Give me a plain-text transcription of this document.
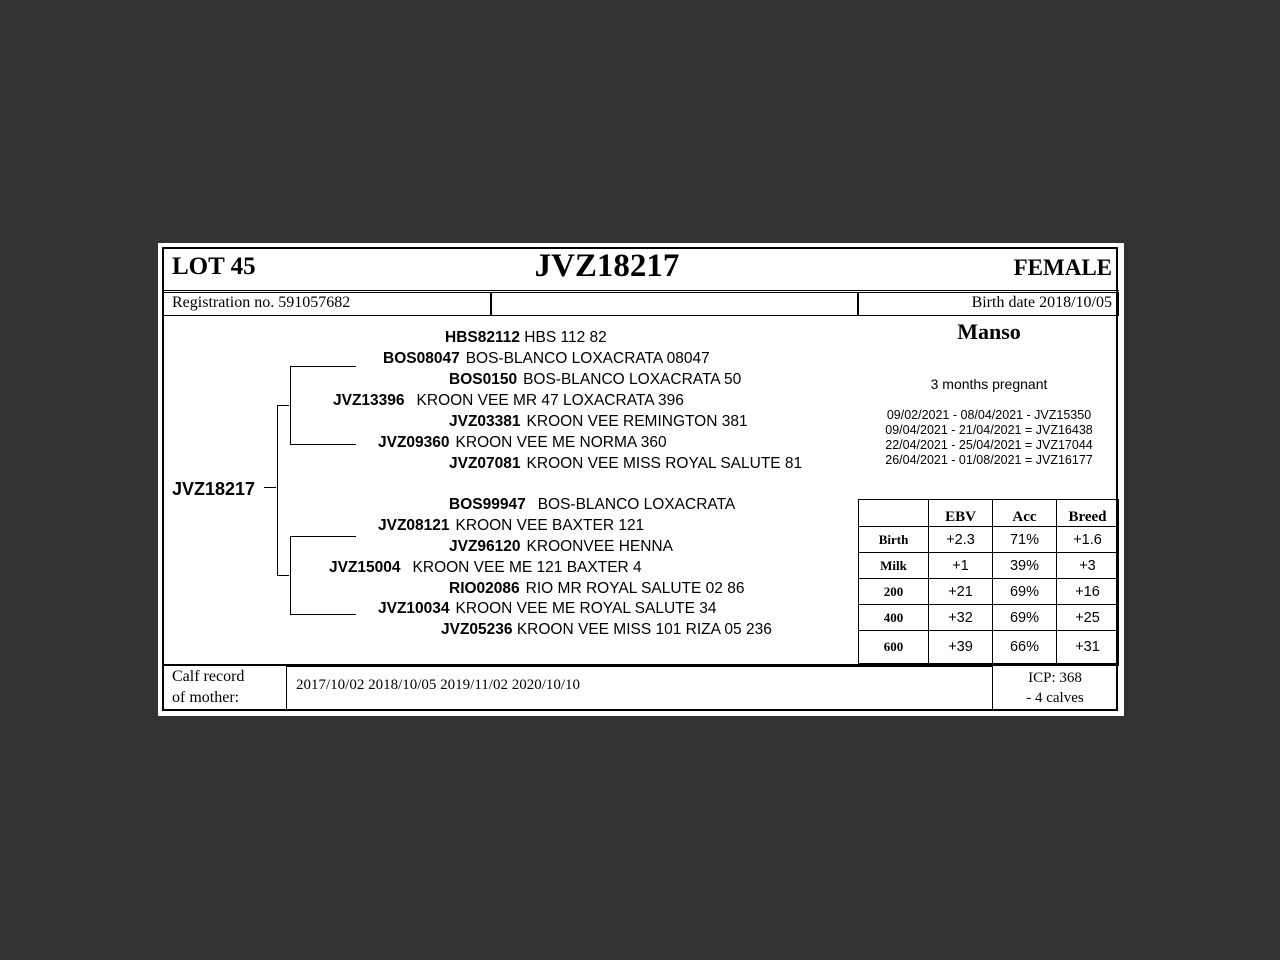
LOT 45	JVZ18217	FEMALE
Registration no. 591057682	Birth date 2018/10/05
JVZ18217
HBS82112 HBS 112 82
BOS08047 BOS-BLANCO LOXACRATA 08047
BOS0150 BOS-BLANCO LOXACRATA 50
JVZ13396 KROON VEE MR 47 LOXACRATA 396
JVZ03381 KROON VEE REMINGTON 381
JVZ09360 KROON VEE ME NORMA 360
JVZ07081 KROON VEE MISS ROYAL SALUTE 81
BOS99947 BOS-BLANCO LOXACRATA
JVZ08121 KROON VEE BAXTER 121
JVZ96120 KROONVEE HENNA
JVZ15004 KROON VEE ME 121 BAXTER 4
RIO02086 RIO MR ROYAL SALUTE 02 86
JVZ10034 KROON VEE ME ROYAL SALUTE 34
JVZ05236 KROON VEE MISS 101 RIZA 05 236
Manso
3 months pregnant
09/02/2021 - 08/04/2021 - JVZ15350
09/04/2021 - 21/04/2021 = JVZ16438
22/04/2021 - 25/04/2021 = JVZ17044
26/04/2021 - 01/08/2021 = JVZ16177
	EBV	Acc	Breed
Birth	+2.3	71%	+1.6
Milk	+1	39%	+3
200	+21	69%	+16
400	+32	69%	+25
600	+39	66%	+31
Calf record
of mother:
2017/10/02 2018/10/05 2019/11/02 2020/10/10	ICP: 368
- 4 calves
